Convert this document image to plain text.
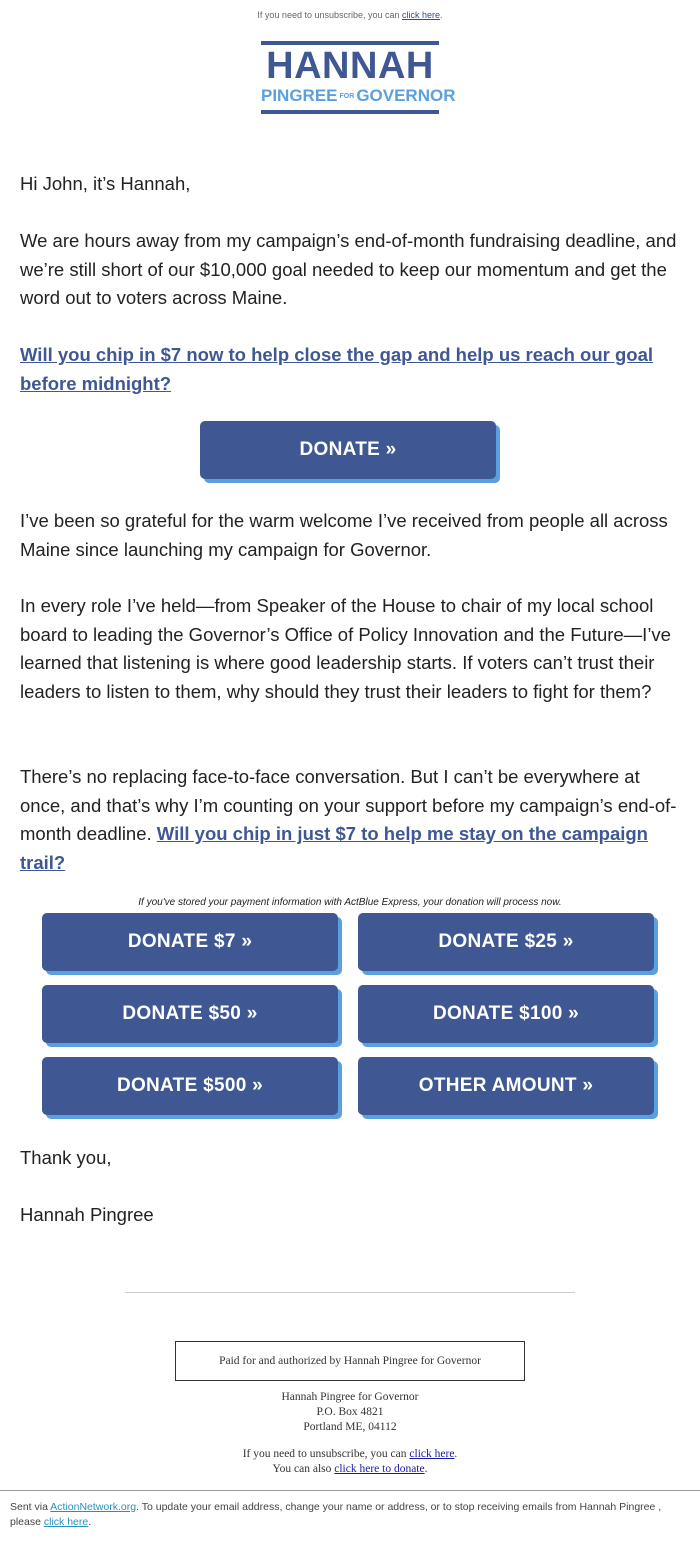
If you need to unsubscribe, you can click here.
HANNAH
PINGREE FOR GOVERNOR
Hi John, it’s Hannah,
We are hours away from my campaign’s end-of-month fundraising deadline, and we’re still short of our $10,000 goal needed to keep our momentum and get the word out to voters across Maine.
Will you chip in $7 now to help close the gap and help us reach our goal before midnight?
DONATE »
I’ve been so grateful for the warm welcome I’ve received from people all across Maine since launching my campaign for Governor.
In every role I’ve held—from Speaker of the House to chair of my local school board to leading the Governor’s Office of Policy Innovation and the Future—I’ve learned that listening is where good leadership starts. If voters can’t trust their leaders to listen to them, why should they trust their leaders to fight for them?
There’s no replacing face-to-face conversation. But I can’t be everywhere at once, and that’s why I’m counting on your support before my campaign’s end-of-month deadline. Will you chip in just $7 to help me stay on the campaign trail?
If you've stored your payment information with ActBlue Express, your donation will process now.
DONATE $7 »	DONATE $25 »
DONATE $50 »	DONATE $100 »
DONATE $500 »	OTHER AMOUNT »
Thank you,
Hannah Pingree
Paid for and authorized by Hannah Pingree for Governor
Hannah Pingree for Governor
P.O. Box 4821
Portland ME, 04112
If you need to unsubscribe, you can click here.
You can also click here to donate.
Sent via ActionNetwork.org. To update your email address, change your name or address, or to stop receiving emails from Hannah Pingree , please click here.
